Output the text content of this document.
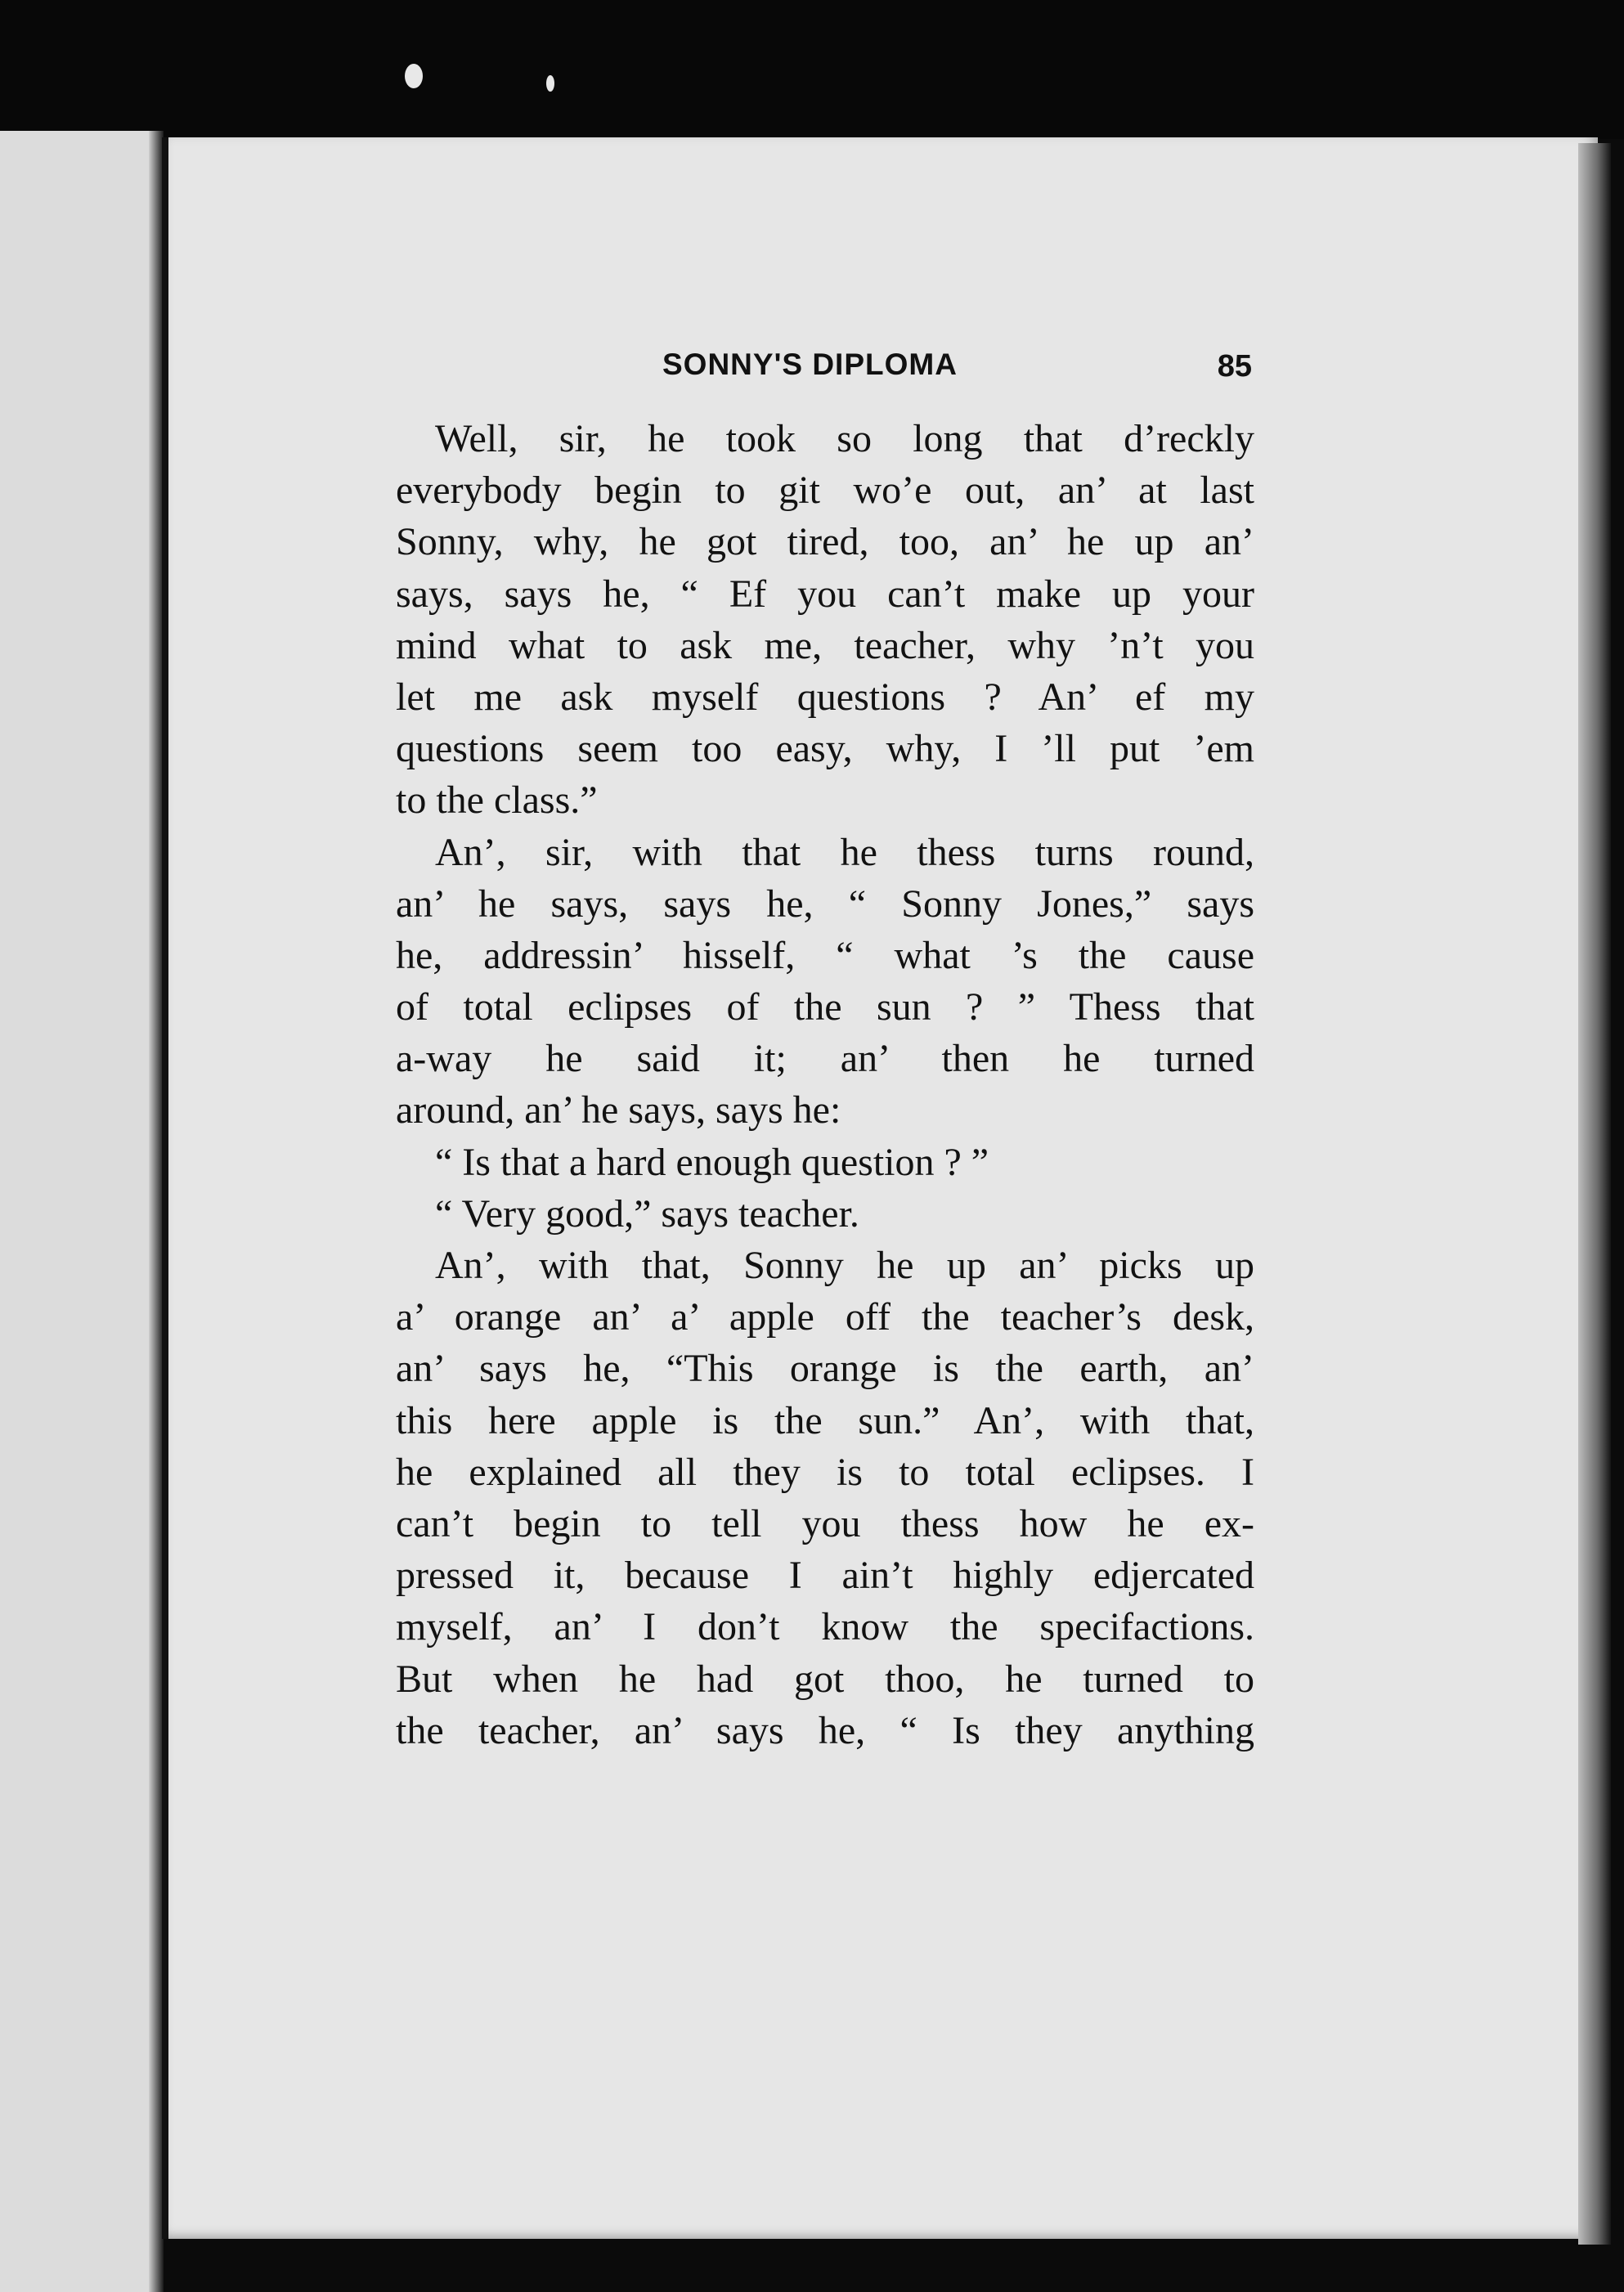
SONNY'S DIPLOMA	85
Well, sir, he took so long that d’reckly
everybody begin to git wo’e out, an’ at last
Sonny, why, he got tired, too, an’ he up an’
says, says he, “ Ef you can’t make up your
mind what to ask me, teacher, why ’n’t you
let me ask myself questions ? An’ ef my
questions seem too easy, why, I ’ll put ’em
to the class.”
An’, sir, with that he thess turns round,
an’ he says, says he, “ Sonny Jones,” says
he, addressin’ hisself, “ what ’s the cause
of total eclipses of the sun ? ” Thess that
a-way he said it; an’ then he turned
around, an’ he says, says he:
“ Is that a hard enough question ? ”
“ Very good,” says teacher.
An’, with that, Sonny he up an’ picks up
a’ orange an’ a’ apple off the teacher’s desk,
an’ says he, “This orange is the earth, an’
this here apple is the sun.” An’, with that,
he explained all they is to total eclipses. I
can’t begin to tell you thess how he ex-
pressed it, because I ain’t highly edjercated
myself, an’ I don’t know the specifactions.
But when he had got thoo, he turned to
the teacher, an’ says he, “ Is they anything
